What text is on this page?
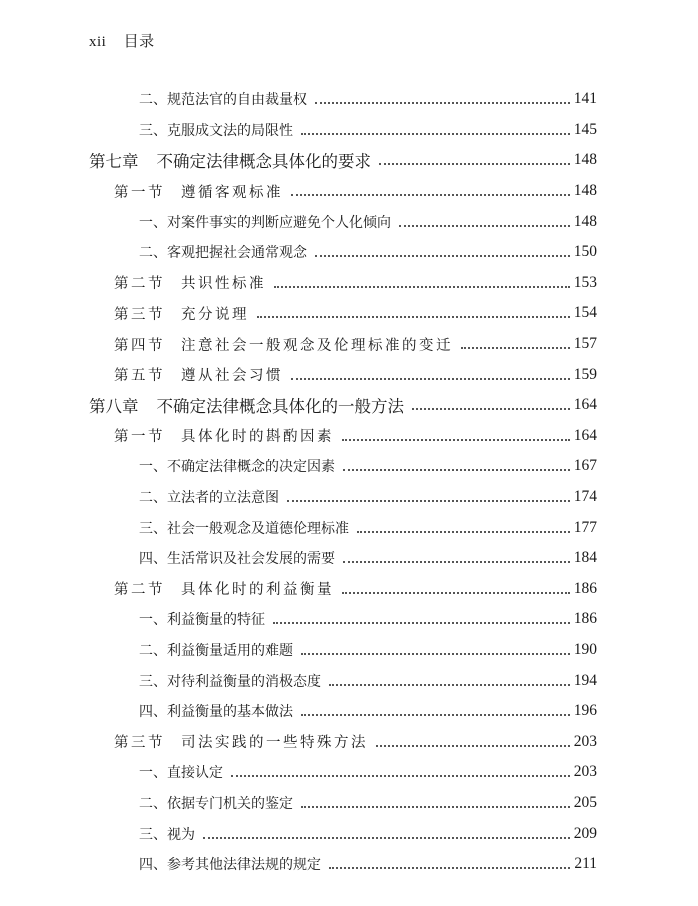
xii 目录
二、规范法官的自由裁量权	141
三、克服成文法的局限性	145
第七章 不确定法律概念具体化的要求	148
第一节 遵循客观标准	148
一、对案件事实的判断应避免个人化倾向	148
二、客观把握社会通常观念	150
第二节 共识性标准	153
第三节 充分说理	154
第四节 注意社会一般观念及伦理标准的变迁	157
第五节 遵从社会习惯	159
第八章 不确定法律概念具体化的一般方法	164
第一节 具体化时的斟酌因素	164
一、不确定法律概念的决定因素	167
二、立法者的立法意图	174
三、社会一般观念及道德伦理标准	177
四、生活常识及社会发展的需要	184
第二节 具体化时的利益衡量	186
一、利益衡量的特征	186
二、利益衡量适用的难题	190
三、对待利益衡量的消极态度	194
四、利益衡量的基本做法	196
第三节 司法实践的一些特殊方法	203
一、直接认定	203
二、依据专门机关的鉴定	205
三、视为	209
四、参考其他法律法规的规定	211
